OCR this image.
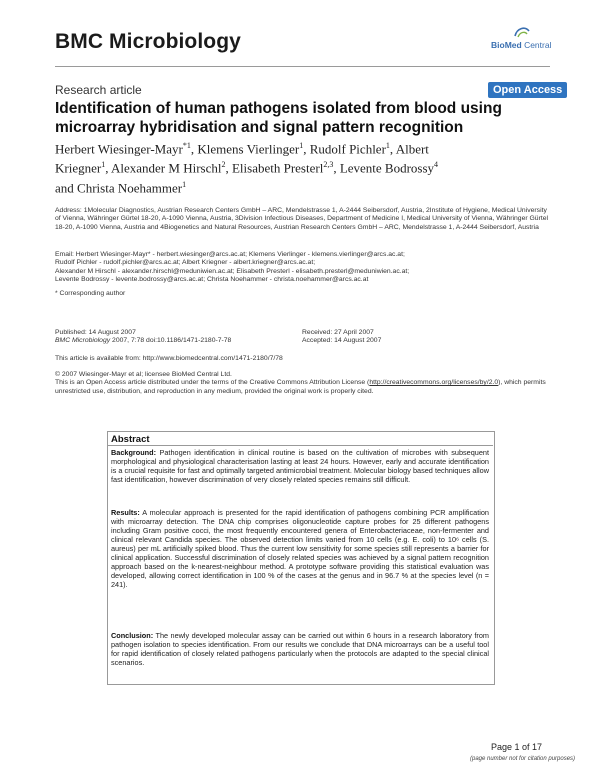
BMC Microbiology	BioMed Central
Research article	Open Access
Identification of human pathogens isolated from blood using microarray hybridisation and signal pattern recognition
Herbert Wiesinger-Mayr$^{*1}$, Klemens Vierlinger$^1$, Rudolf Pichler$^1$, Albert Kriegner$^1$, Alexander M Hirschl$^2$, Elisabeth Presterl$^{2,3}$, Levente Bodrossy$^4$ and Christa Noehammer$^1$
Address: 1Molecular Diagnostics, Austrian Research Centers GmbH – ARC, Mendelstrasse 1, A-2444 Seibersdorf, Austria, 2Institute of Hygiene, Medical University of Vienna, Währinger Gürtel 18-20, A-1090 Vienna, Austria, 3Division Infectious Diseases, Department of Medicine I, Medical University of Vienna, Währinger Gürtel 18-20, A-1090 Vienna, Austria and 4Biogenetics and Natural Resources, Austrian Research Centers GmbH – ARC, Mendelstrasse 1, A-2444 Seibersdorf, Austria
Email: Herbert Wiesinger-Mayr* - herbert.wiesinger@arcs.ac.at; Klemens Vierlinger - klemens.vierlinger@arcs.ac.at;
Rudolf Pichler - rudolf.pichler@arcs.ac.at; Albert Kriegner - albert.kriegner@arcs.ac.at;
Alexander M Hirschl - alexander.hirschl@meduniwien.ac.at; Elisabeth Presterl - elisabeth.presterl@meduniwien.ac.at;
Levente Bodrossy - levente.bodrossy@arcs.ac.at; Christa Noehammer - christa.noehammer@arcs.ac.at
* Corresponding author
Published: 14 August 2007
BMC Microbiology 2007, 7:78 doi:10.1186/1471-2180-7-78
Received: 27 April 2007
Accepted: 14 August 2007
This article is available from: http://www.biomedcentral.com/1471-2180/7/78
© 2007 Wiesinger-Mayr et al; licensee BioMed Central Ltd.
This is an Open Access article distributed under the terms of the Creative Commons Attribution License (http://creativecommons.org/licenses/by/2.0), which permits unrestricted use, distribution, and reproduction in any medium, provided the original work is properly cited.
Abstract
Background: Pathogen identification in clinical routine is based on the cultivation of microbes with subsequent morphological and physiological characterisation lasting at least 24 hours. However, early and accurate identification is a crucial requisite for fast and optimally targeted antimicrobial treatment. Molecular biology based techniques allow fast identification, however discrimination of very closely related species remains still difficult.
Results: A molecular approach is presented for the rapid identification of pathogens combining PCR amplification with microarray detection. The DNA chip comprises oligonucleotide capture probes for 25 different pathogens including Gram positive cocci, the most frequently encountered genera of Enterobacteriaceae, non-fermenter and clinical relevant Candida species. The observed detection limits varied from 10 cells (e.g. E. coli) to 10⁶ cells (S. aureus) per mL artificially spiked blood. Thus the current low sensitivity for some species still represents a barrier for clinical application. Successful discrimination of closely related species was achieved by a signal pattern recognition approach based on the k-nearest-neighbour method. A prototype software providing this statistical evaluation was developed, allowing correct identification in 100 % of the cases at the genus and in 96.7 % at the species level (n = 241).
Conclusion: The newly developed molecular assay can be carried out within 6 hours in a research laboratory from pathogen isolation to species identification. From our results we conclude that DNA microarrays can be a useful tool for rapid identification of closely related pathogens particularly when the protocols are adapted to the special clinical scenarios.
Page 1 of 17
(page number not for citation purposes)
